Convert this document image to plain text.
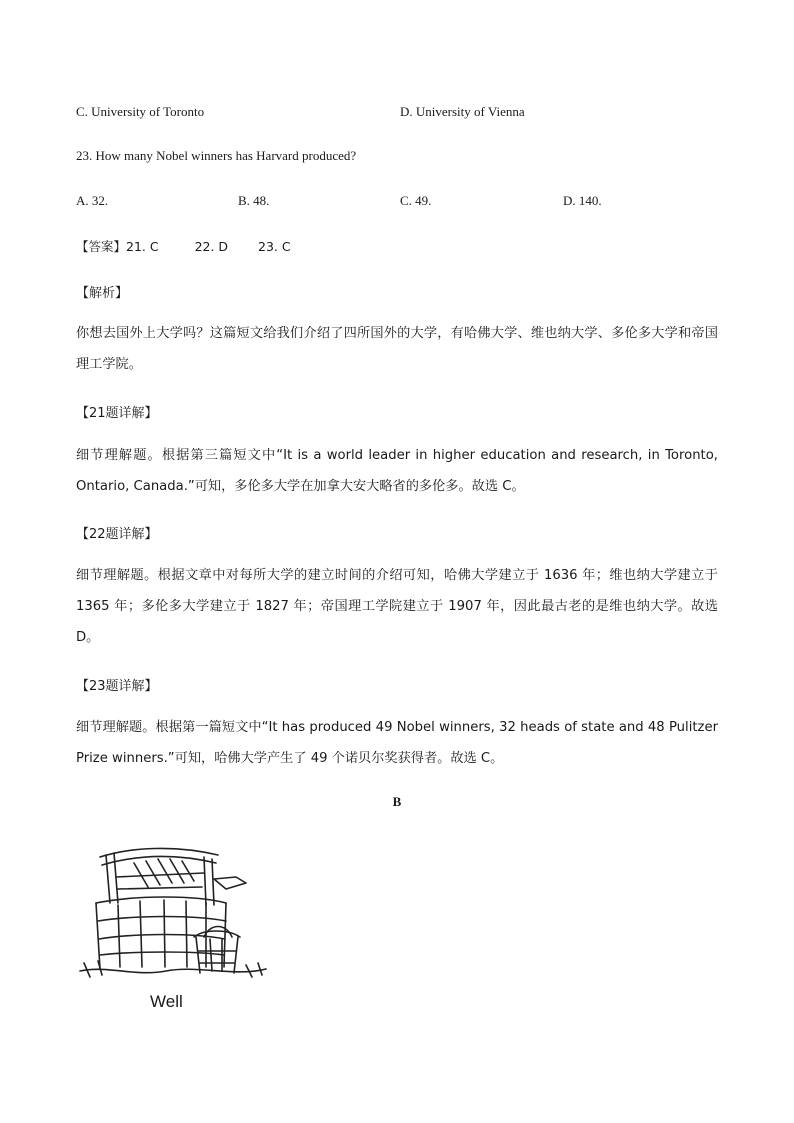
C. University of Toronto	D. University of Vienna
23. How many Nobel winners has Harvard produced?
A. 32.	B. 48.	C. 49.	D. 140.
【答案】21. C	22. D 23. C
【解析】
你想去国外上大学吗？这篇短文给我们介绍了四所国外的大学，有哈佛大学、维也纳大学、多伦多大学和帝国理工学院。
【21题详解】
细节理解题。根据第三篇短文中“It is a world leader in higher education and research, in Toronto, Ontario, Canada.”可知，多伦多大学在加拿大安大略省的多伦多。故选 C。
【22题详解】
细节理解题。根据文章中对每所大学的建立时间的介绍可知，哈佛大学建立于 1636 年；维也纳大学建立于 1365 年；多伦多大学建立于 1827 年；帝国理工学院建立于 1907 年，因此最古老的是维也纳大学。故选D。
【23题详解】
细节理解题。根据第一篇短文中“It has produced 49 Nobel winners, 32 heads of state and 48 Pulitzer Prize winners.”可知，哈佛大学产生了 49 个诺贝尔奖获得者。故选 C。
B
Well
